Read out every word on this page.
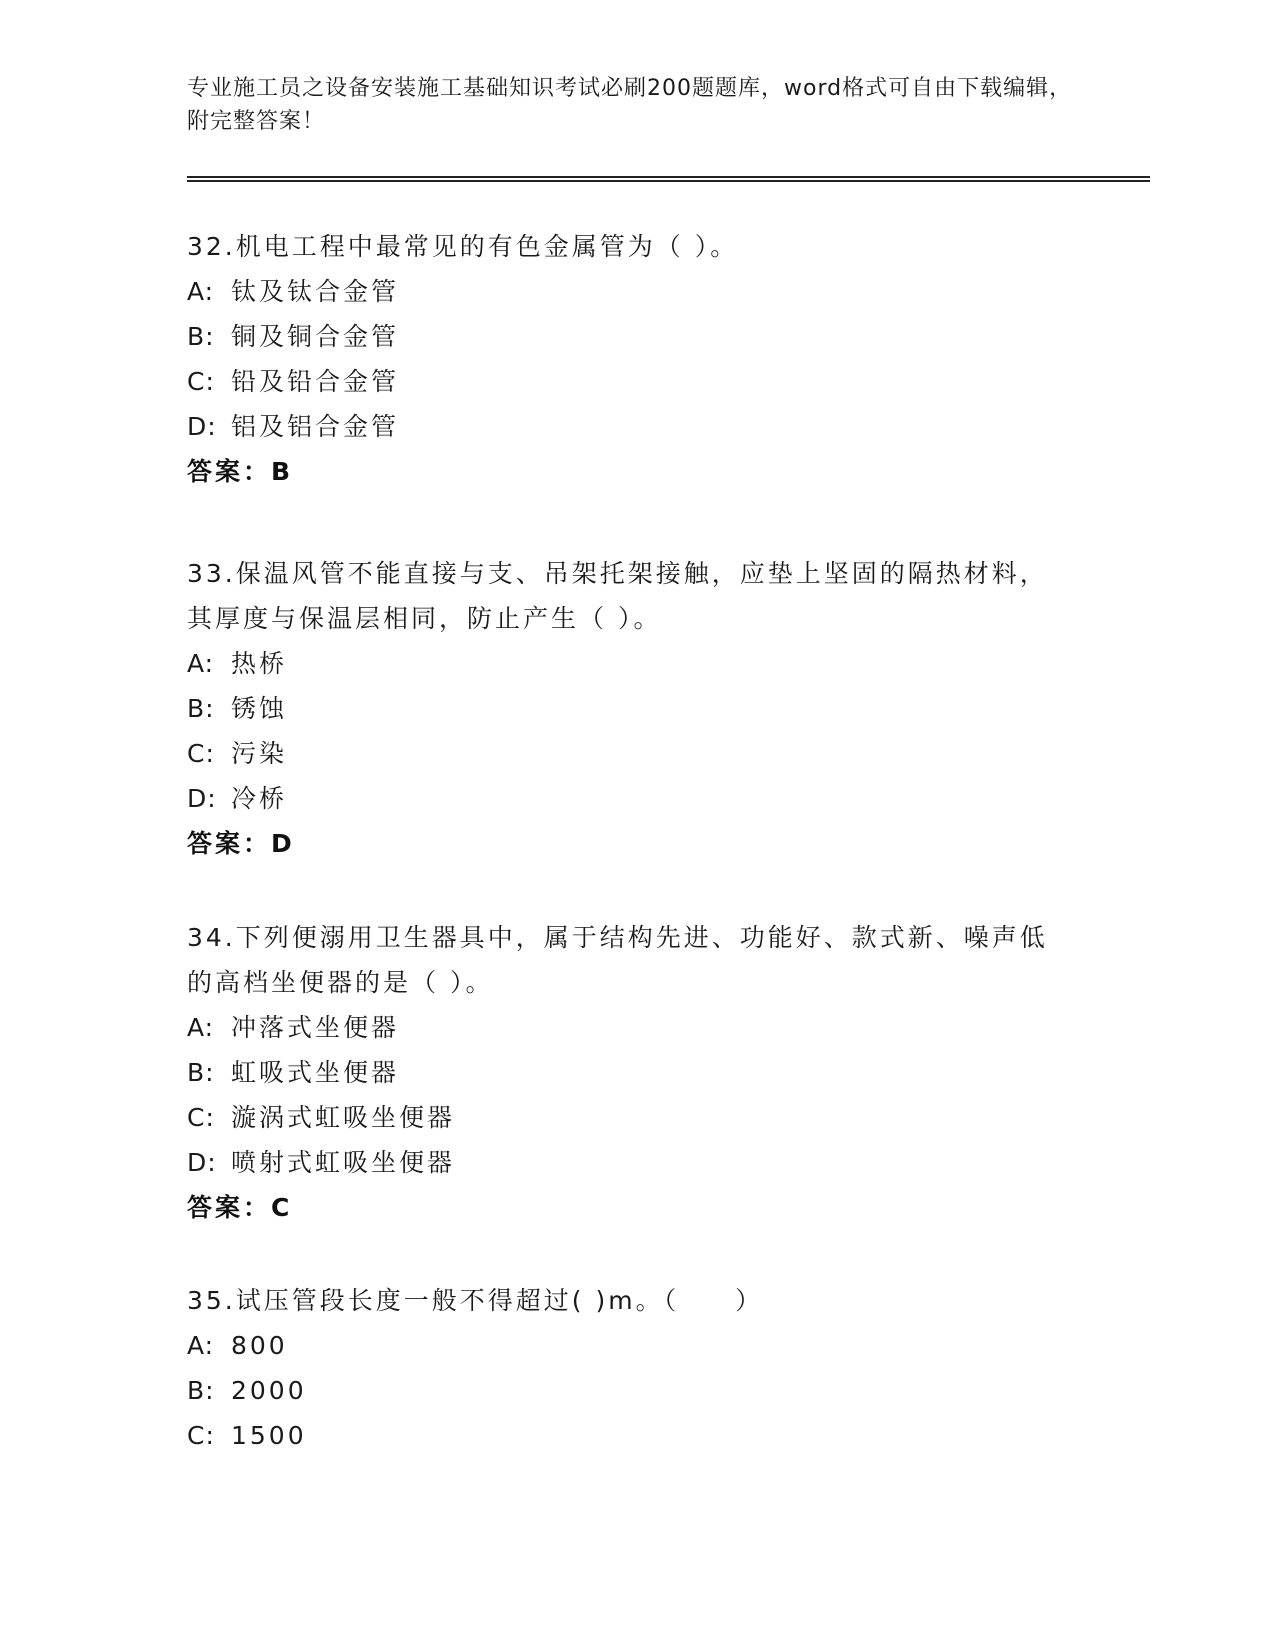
专业施工员之设备安装施工基础知识考试必刷200题题库，word格式可自由下载编辑，附完整答案！
32.机电工程中最常见的有色金属管为（ ）。
A: 钛及钛合金管
B: 铜及铜合金管
C: 铅及铅合金管
D: 铝及铝合金管
答案：B
33.保温风管不能直接与支、吊架托架接触，应垫上坚固的隔热材料，其厚度与保温层相同，防止产生（ ）。
A: 热桥
B: 锈蚀
C: 污染
D: 冷桥
答案：D
34.下列便溺用卫生器具中，属于结构先进、功能好、款式新、噪声低的高档坐便器的是（ ）。
A: 冲落式坐便器
B: 虹吸式坐便器
C: 漩涡式虹吸坐便器
D: 喷射式虹吸坐便器
答案：C
35.试压管段长度一般不得超过( )m。（　　）
A: 800
B: 2000
C: 1500
